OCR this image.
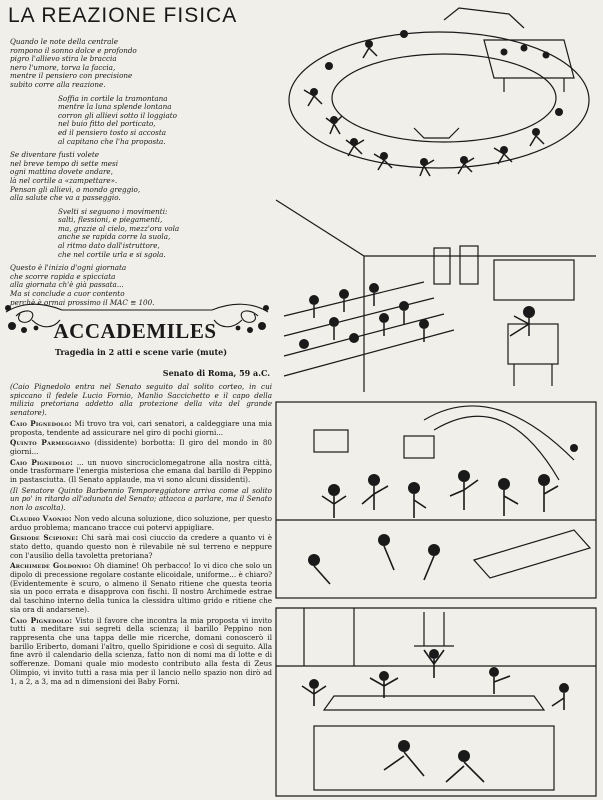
LA REAZIONE FISICA
Quando le note della centrale
rompono il sonno dolce e profondo
pigro l'allievo stira le braccia
nero l'umore, torva la faccia,
mentre il pensiero con precisione
subito corre alla reazione.
Soffia in cortile la tramontana
mentre la luna splende lontana
corron gli allievi sotto il loggiato
nel buio fitto del porticato,
ed il pensiero tosto si accosta
al capitano che l'ha proposta.
Se diventare fusti volete
nel breve tempo di sette mesi
ogni mattina dovete andare,
là nel cortile a «zampettare».
Pensan gli allievi, o mondo greggio,
alla salute che va a passeggio.
Svelti si seguono i movimenti:
salti, flessioni, e piegamenti,
ma, grazie al cielo, mezz'ora vola
anche se rapida corre la suola,
al ritmo dato dall'istruttore,
che nel cortile urla e si sgola.
Questo è l'inizio d'ogni giornata
che scorre rapida e spicciata
alla giornata ch'è già passata...
Ma si conclude a cuor contento
perchè è ormai prossimo il MAC ≡ 100.
ACCADEMILES
Tragedia in 2 atti e scene varie (mute)
Senato di Roma, 59 a.C.

(Caio Pignedolo entra nel Senato seguito dal solito corteo, in cui spiccano il fedele Lucio Fornio, Manlio Saccichetto e il capo della milizia pretoriana addetto alla protezione della vita del grande senatore).

Caio Pignedolo: Mi trovo tra voi, cari senatori, a caldeggiare una mia proposta, tendente ad assicurare nel giro di pochi giorni...

Quinto Parmeggiano (dissidente) borbotta: Il giro del mondo in 80 giorni...

Caio Pignedolo: ... un nuovo sincrociclomegatrone alla nostra città, onde trasformare l'energia misteriosa che emana dal barillo di Peppino in pastasciutta. (Il Senato applaude, ma vi sono alcuni dissidenti).

(Il Senatore Quinto Barbennio Temporeggiatore arriva come al solito un po' in ritardo all'adunata del Senato; attacca a parlare, ma il Senato non lo ascolta).

Claudio Vaonio: Non vedo alcuna soluzione, dico soluzione, per questo arduo problema; mancano tracce cui potervi appigliare.

Gesiode Scipione: Chi sarà mai così ciuccio da credere a quanto vi è stato detto, quando questo non è rilevabile nè sul terreno e neppure con l'ausilio della tavoletta pretoriana?

Archimede Goldonio: Oh diamine! Oh perbacco! Io vi dico che solo un dipolo di precessione regolare costante elicoidale, uniforme... è chiaro? (Evidentemente è scuro, o almeno il Senato ritiene che questa teoria sia un poco errata e disapprova con fischi. Il nostro Archimede estrae dal taschino interno della tunica la clessidra ultimo grido e ritiene che sia ora di andarsene).

Caio Pignedolo: Visto il favore che incontra la mia proposta vi invito tutti a meditare sui segreti della scienza; il barillo Peppino non rappresenta che una tappa delle mie ricerche, domani conoscerò il barillo Eriberto, domani l'altro, quello Spiridione e così di seguito. Alla fine avrò il calendario della scienza, fatto non di nomi ma di lotte e di sofferenze. Domani quale mio modesto contributo alla festa di Zeus Olimpio, vi invito tutti a rasa mia per il lancio nello spazio non dirò ad 1, a 2, a 3, ma ad n dimensioni dei Baby Forni.
